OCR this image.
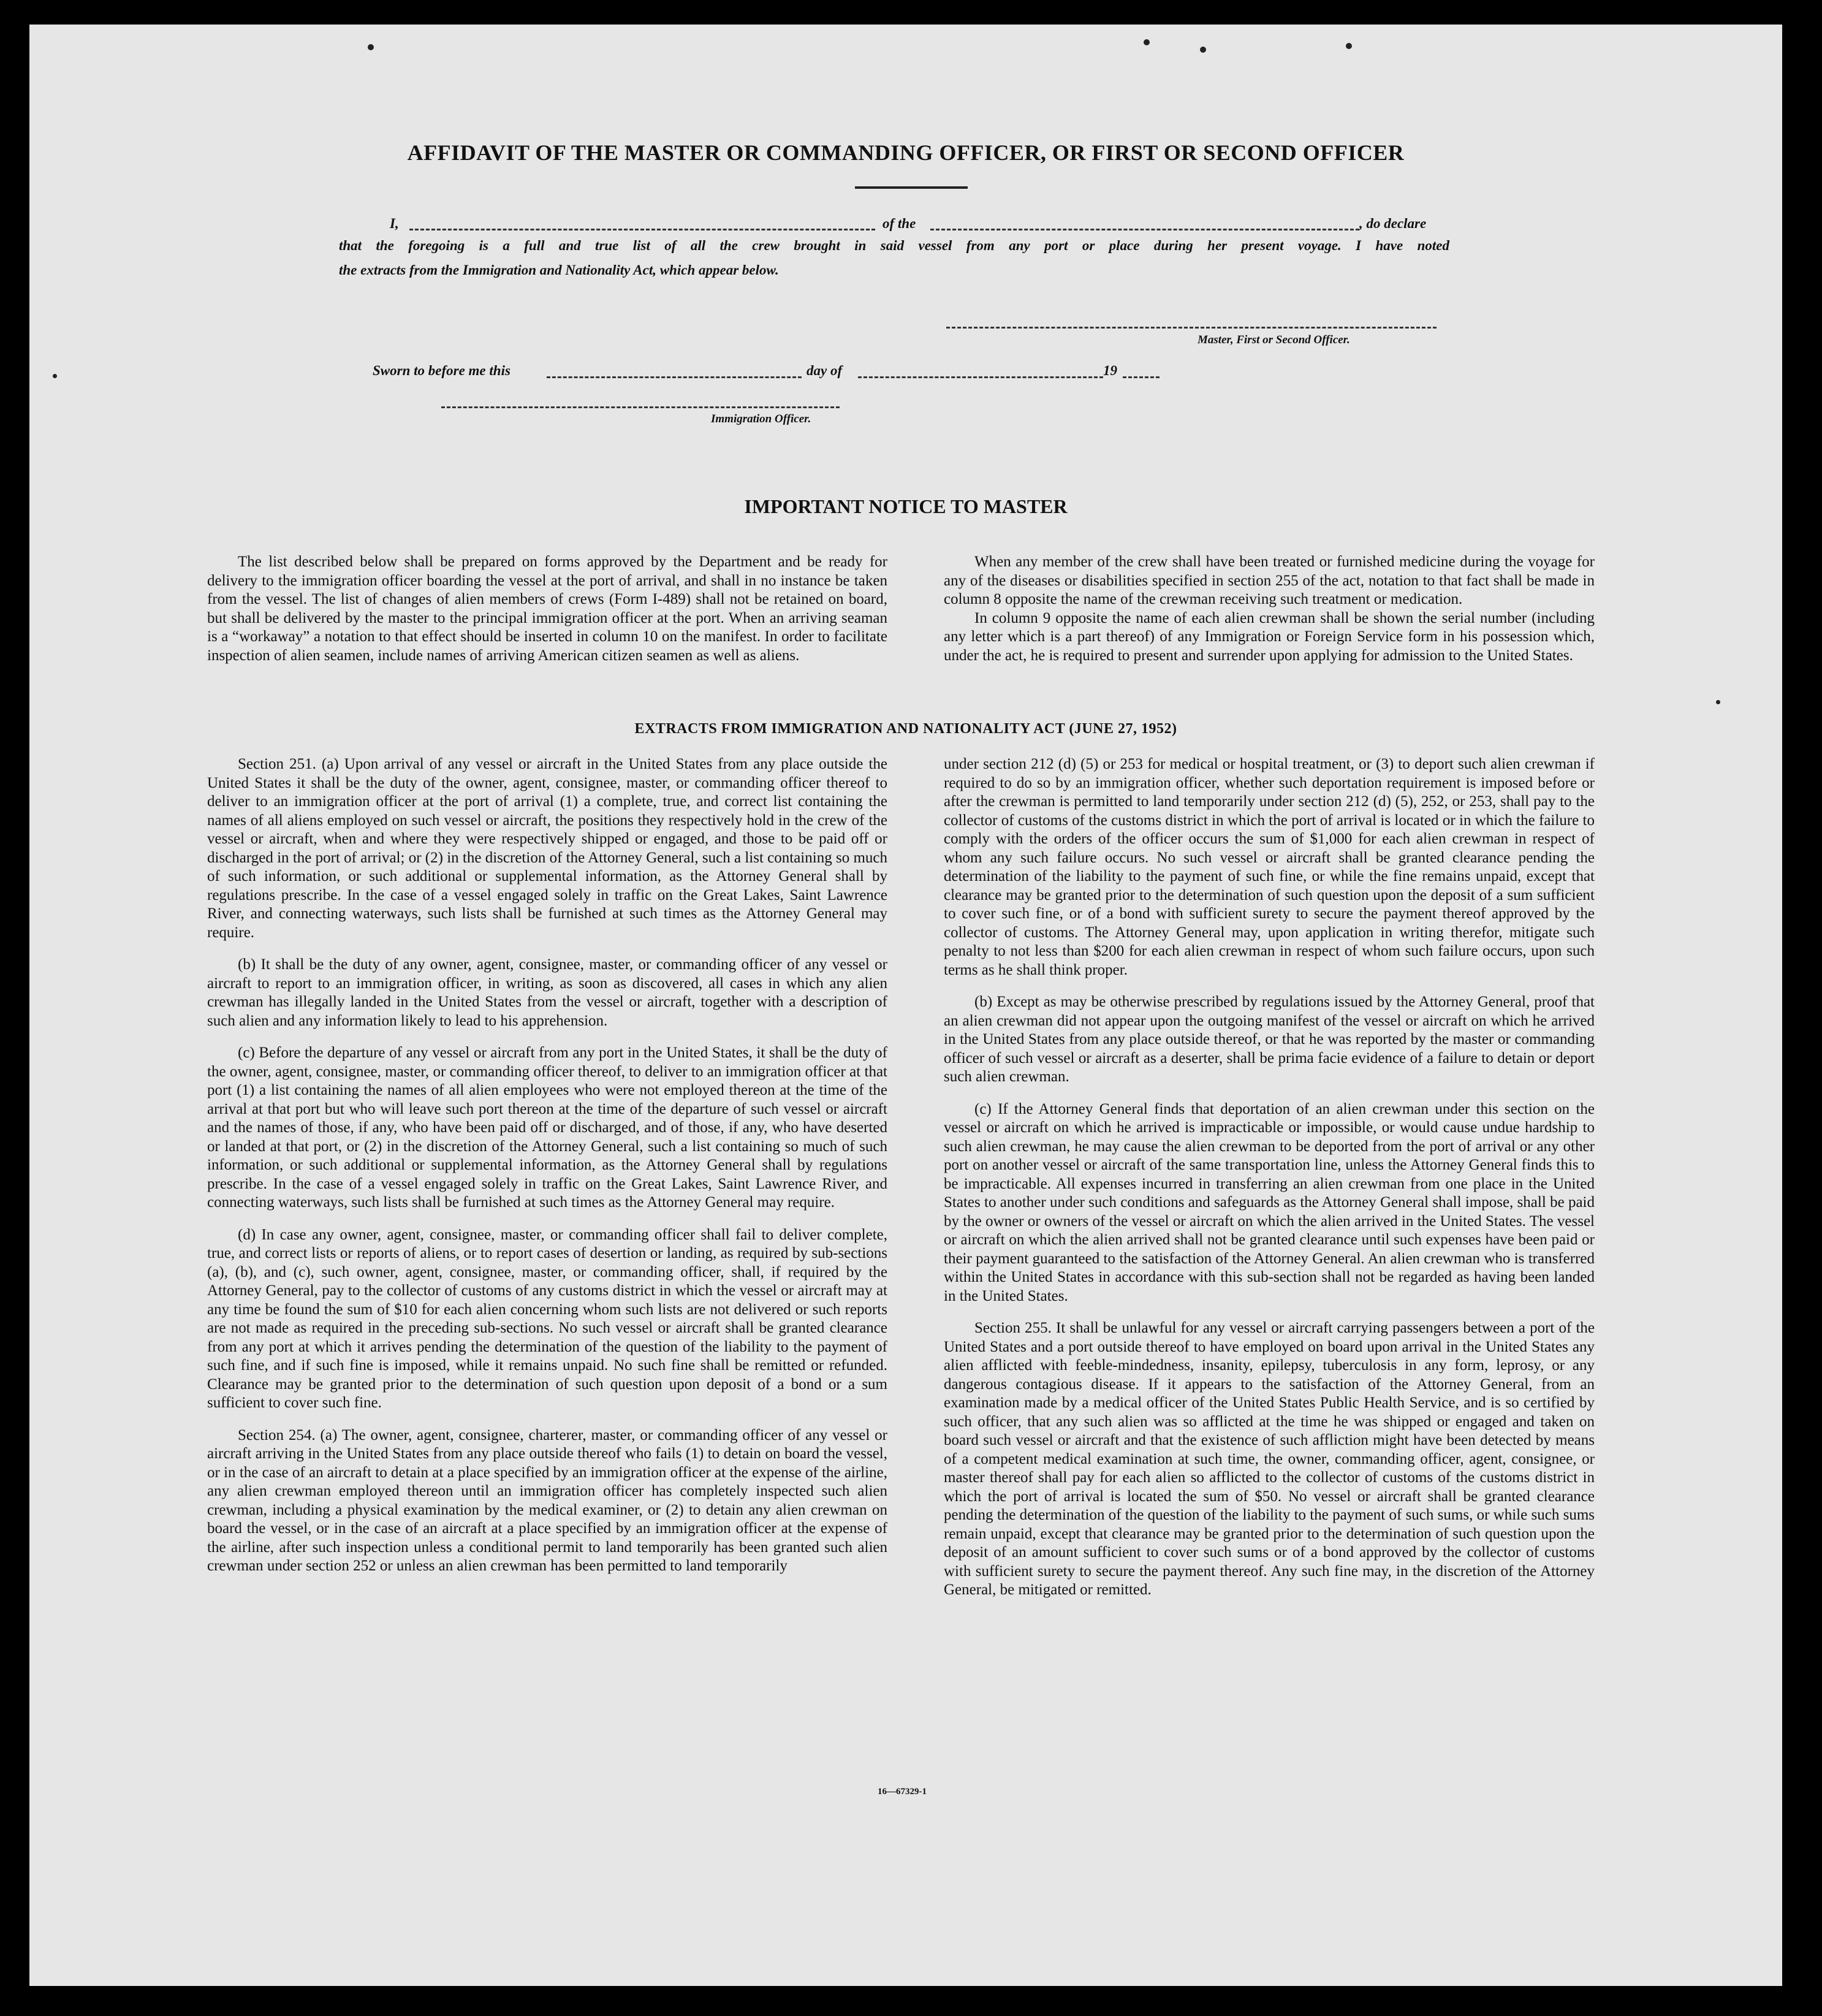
AFFIDAVIT OF THE MASTER OR COMMANDING OFFICER, OR FIRST OR SECOND OFFICER
I,	of the	, do declare
that the foregoing is a full and true list of all the crew brought in said vessel from any port or place during her present voyage. I have noted
the extracts from the Immigration and Nationality Act, which appear below.
Master, First or Second Officer.
Sworn to before me this	day of	19
Immigration Officer.
IMPORTANT NOTICE TO MASTER

The list described below shall be prepared on forms approved by the Department and be ready for delivery to the immigration officer boarding the vessel at the port of arrival, and shall in no instance be taken from the vessel. The list of changes of alien members of crews (Form I-489) shall not be retained on board, but shall be delivered by the master to the principal immigration officer at the port. When an arriving seaman is a “workaway” a notation to that effect should be inserted in column 10 on the manifest. In order to facilitate inspection of alien seamen, include names of arriving American citizen seamen as well as aliens.

When any member of the crew shall have been treated or furnished medicine during the voyage for any of the diseases or disabilities specified in section 255 of the act, notation to that fact shall be made in column 8 opposite the name of the crewman receiving such treatment or medication.

In column 9 opposite the name of each alien crewman shall be shown the serial number (including any letter which is a part thereof) of any Immigration or Foreign Service form in his possession which, under the act, he is required to present and surrender upon applying for admission to the United States.

EXTRACTS FROM IMMIGRATION AND NATIONALITY ACT (JUNE 27, 1952)

Section 251. (a) Upon arrival of any vessel or aircraft in the United States from any place outside the United States it shall be the duty of the owner, agent, consignee, master, or commanding officer thereof to deliver to an immigration officer at the port of arrival (1) a complete, true, and correct list containing the names of all aliens employed on such vessel or aircraft, the positions they respectively hold in the crew of the vessel or aircraft, when and where they were respectively shipped or engaged, and those to be paid off or discharged in the port of arrival; or (2) in the discretion of the Attorney General, such a list containing so much of such information, or such additional or supplemental information, as the Attorney General shall by regulations prescribe. In the case of a vessel engaged solely in traffic on the Great Lakes, Saint Lawrence River, and connecting waterways, such lists shall be furnished at such times as the Attorney General may require.

(b) It shall be the duty of any owner, agent, consignee, master, or commanding officer of any vessel or aircraft to report to an immigration officer, in writing, as soon as discovered, all cases in which any alien crewman has illegally landed in the United States from the vessel or aircraft, together with a description of such alien and any information likely to lead to his apprehension.

(c) Before the departure of any vessel or aircraft from any port in the United States, it shall be the duty of the owner, agent, consignee, master, or commanding officer thereof, to deliver to an immigration officer at that port (1) a list containing the names of all alien employees who were not employed thereon at the time of the arrival at that port but who will leave such port thereon at the time of the departure of such vessel or aircraft and the names of those, if any, who have been paid off or discharged, and of those, if any, who have deserted or landed at that port, or (2) in the discretion of the Attorney General, such a list containing so much of such information, or such additional or supplemental information, as the Attorney General shall by regulations prescribe. In the case of a vessel engaged solely in traffic on the Great Lakes, Saint Lawrence River, and connecting waterways, such lists shall be furnished at such times as the Attorney General may require.

(d) In case any owner, agent, consignee, master, or commanding officer shall fail to deliver complete, true, and correct lists or reports of aliens, or to report cases of desertion or landing, as required by sub-sections (a), (b), and (c), such owner, agent, consignee, master, or commanding officer, shall, if required by the Attorney General, pay to the collector of customs of any customs district in which the vessel or aircraft may at any time be found the sum of $10 for each alien concerning whom such lists are not delivered or such reports are not made as required in the preceding sub-sections. No such vessel or aircraft shall be granted clearance from any port at which it arrives pending the determination of the question of the liability to the payment of such fine, and if such fine is imposed, while it remains unpaid. No such fine shall be remitted or refunded. Clearance may be granted prior to the determination of such question upon deposit of a bond or a sum sufficient to cover such fine.

Section 254. (a) The owner, agent, consignee, charterer, master, or commanding officer of any vessel or aircraft arriving in the United States from any place outside thereof who fails (1) to detain on board the vessel, or in the case of an aircraft to detain at a place specified by an immigration officer at the expense of the airline, any alien crewman employed thereon until an immigration officer has completely inspected such alien crewman, including a physical examination by the medical examiner, or (2) to detain any alien crewman on board the vessel, or in the case of an aircraft at a place specified by an immigration officer at the expense of the airline, after such inspection unless a conditional permit to land temporarily has been granted such alien crewman under section 252 or unless an alien crewman has been permitted to land temporarily

under section 212 (d) (5) or 253 for medical or hospital treatment, or (3) to deport such alien crewman if required to do so by an immigration officer, whether such deportation requirement is imposed before or after the crewman is permitted to land temporarily under section 212 (d) (5), 252, or 253, shall pay to the collector of customs of the customs district in which the port of arrival is located or in which the failure to comply with the orders of the officer occurs the sum of $1,000 for each alien crewman in respect of whom any such failure occurs. No such vessel or aircraft shall be granted clearance pending the determination of the liability to the payment of such fine, or while the fine remains unpaid, except that clearance may be granted prior to the determination of such question upon the deposit of a sum sufficient to cover such fine, or of a bond with sufficient surety to secure the payment thereof approved by the collector of customs. The Attorney General may, upon application in writing therefor, mitigate such penalty to not less than $200 for each alien crewman in respect of whom such failure occurs, upon such terms as he shall think proper.

(b) Except as may be otherwise prescribed by regulations issued by the Attorney General, proof that an alien crewman did not appear upon the outgoing manifest of the vessel or aircraft on which he arrived in the United States from any place outside thereof, or that he was reported by the master or commanding officer of such vessel or aircraft as a deserter, shall be prima facie evidence of a failure to detain or deport such alien crewman.

(c) If the Attorney General finds that deportation of an alien crewman under this section on the vessel or aircraft on which he arrived is impracticable or impossible, or would cause undue hardship to such alien crewman, he may cause the alien crewman to be deported from the port of arrival or any other port on another vessel or aircraft of the same transportation line, unless the Attorney General finds this to be impracticable. All expenses incurred in transferring an alien crewman from one place in the United States to another under such conditions and safeguards as the Attorney General shall impose, shall be paid by the owner or owners of the vessel or aircraft on which the alien arrived in the United States. The vessel or aircraft on which the alien arrived shall not be granted clearance until such expenses have been paid or their payment guaranteed to the satisfaction of the Attorney General. An alien crewman who is transferred within the United States in accordance with this sub-section shall not be regarded as having been landed in the United States.

Section 255. It shall be unlawful for any vessel or aircraft carrying passengers between a port of the United States and a port outside thereof to have employed on board upon arrival in the United States any alien afflicted with feeble-mindedness, insanity, epilepsy, tuberculosis in any form, leprosy, or any dangerous contagious disease. If it appears to the satisfaction of the Attorney General, from an examination made by a medical officer of the United States Public Health Service, and is so certified by such officer, that any such alien was so afflicted at the time he was shipped or engaged and taken on board such vessel or aircraft and that the existence of such affliction might have been detected by means of a competent medical examination at such time, the owner, commanding officer, agent, consignee, or master thereof shall pay for each alien so afflicted to the collector of customs of the customs district in which the port of arrival is located the sum of $50. No vessel or aircraft shall be granted clearance pending the determination of the question of the liability to the payment of such sums, or while such sums remain unpaid, except that clearance may be granted prior to the determination of such question upon the deposit of an amount sufficient to cover such sums or of a bond approved by the collector of customs with sufficient surety to secure the payment thereof. Any such fine may, in the discretion of the Attorney General, be mitigated or remitted.

16—67329-1
